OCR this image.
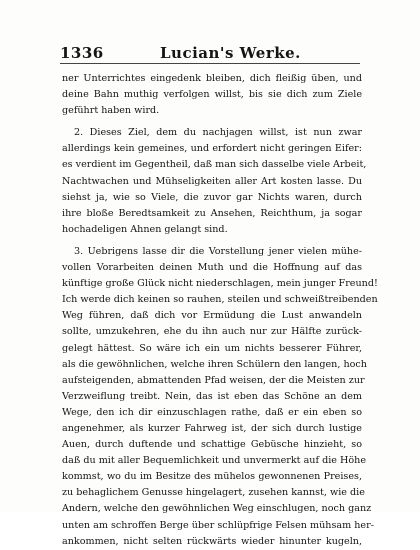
1336	Lucian's Werke.
ner Unterrichtes eingedenk bleiben, dich fleißig üben, und
deine Bahn muthig verfolgen willst, bis sie dich zum Ziele
geführt haben wird.
2. Dieses Ziel, dem du nachjagen willst, ist nun zwar
allerdings kein gemeines, und erfordert nicht geringen Eifer:
es verdient im Gegentheil, daß man sich dasselbe viele Arbeit,
Nachtwachen und Mühseligkeiten aller Art kosten lasse. Du
siehst ja, wie so Viele, die zuvor gar Nichts waren, durch
ihre bloße Beredtsamkeit zu Ansehen, Reichthum, ja sogar
hochadeligen Ahnen gelangt sind.
3. Uebrigens lasse dir die Vorstellung jener vielen mühe-
vollen Vorarbeiten deinen Muth und die Hoffnung auf das
künftige große Glück nicht niederschlagen, mein junger Freund!
Ich werde dich keinen so rauhen, steilen und schweißtreibenden
Weg führen, daß dich vor Ermüdung die Lust anwandeln
sollte, umzukehren, ehe du ihn auch nur zur Hälfte zurück-
gelegt hättest. So wäre ich ein um nichts besserer Führer,
als die gewöhnlichen, welche ihren Schülern den langen, hoch
aufsteigenden, abmattenden Pfad weisen, der die Meisten zur
Verzweiflung treibt. Nein, das ist eben das Schöne an dem
Wege, den ich dir einzuschlagen rathe, daß er ein eben so
angenehmer, als kurzer Fahrweg ist, der sich durch lustige
Auen, durch duftende und schattige Gebüsche hinzieht, so
daß du mit aller Bequemlichkeit und unvermerkt auf die Höhe
kommst, wo du im Besitze des mühelos gewonnenen Preises,
zu behaglichem Genusse hingelagert, zusehen kannst, wie die
Andern, welche den gewöhnlichen Weg einschlugen, noch ganz
unten am schroffen Berge über schlüpfrige Felsen mühsam her-
ankommen, nicht selten rückwärts wieder hinunter kugeln,
